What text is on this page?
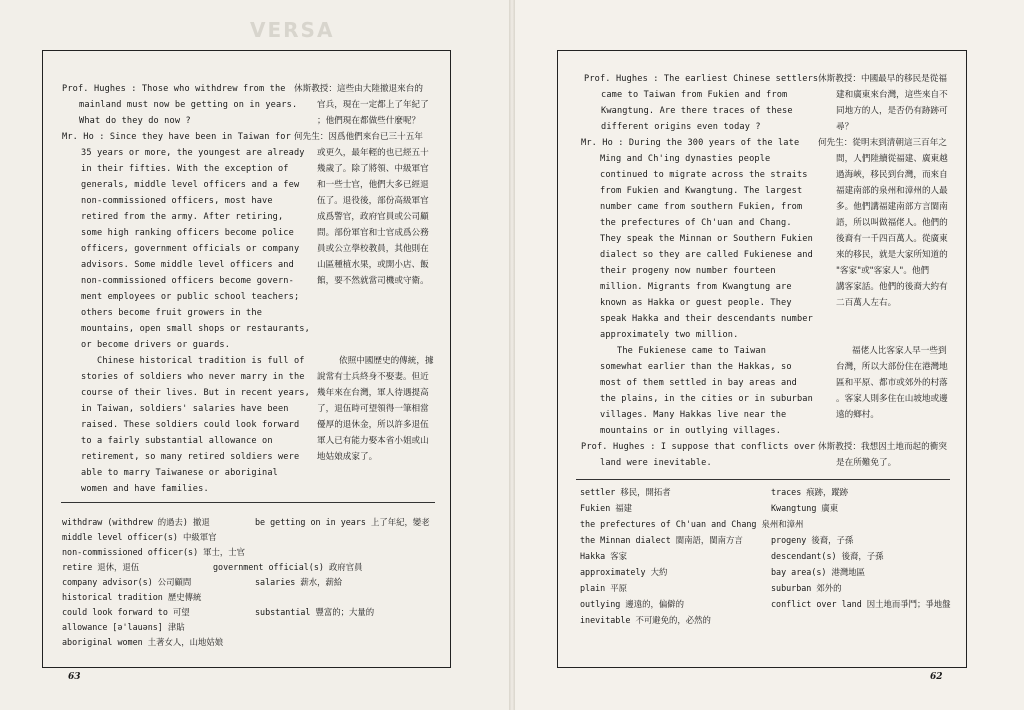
VERSA
Prof. Hughes : Those who withdrew from the
mainland must now be getting on in years.
What do they do now ?
Mr. Ho : Since they have been in Taiwan for
35 years or more, the youngest are already
in their fifties. With the exception of
generals, middle level officers and a few
non-commissioned officers, most have
retired from the army. After retiring,
some high ranking officers become police
officers, government officials or company
advisors. Some middle level officers and
non-commissioned officers become govern-
ment employees or public school teachers;
others become fruit growers in the
mountains, open small shops or restaurants,
or become drivers or guards.
Chinese historical tradition is full of
stories of soldiers who never marry in the
course of their lives. But in recent years,
in Taiwan, soldiers' salaries have been
raised. These soldiers could look forward
to a fairly substantial allowance on
retirement, so many retired soldiers were
able to marry Taiwanese or aboriginal
women and have families.
休斯教授：這些由大陸撤退來台的
官兵，現在一定都上了年紀了
；他們現在都做些什麼呢？
何先生：因爲他們來台已三十五年
或更久，最年輕的也已經五十
幾歲了。除了將領、中級軍官
和一些士官，他們大多已經退
伍了。退役後，部份高級軍官
成爲警官，政府官員或公司顧
問。部份軍官和士官成爲公務
員或公立學校教員，其他則在
山區種植水果，或開小店、飯
館，要不然就當司機或守衛。
依照中國歷史的傳統，據
說常有士兵終身不娶妻。但近
幾年來在台灣，軍人待遇提高
了，退伍時可望領得一筆相當
優厚的退休金，所以許多退伍
軍人已有能力娶本省小姐或山
地姑娘成家了。
withdraw (withdrew 的過去) 撤退	be getting on in years 上了年紀，變老
middle level officer(s) 中級軍官
non-commissioned officer(s) 軍士，士官
retire 退休，退伍	government official(s) 政府官員
company advisor(s) 公司顧問	salaries 薪水，薪給
historical tradition 歷史傳統
could look forward to 可望	substantial 豐富的；大量的
allowance [ə'lauəns] 津貼
aboriginal women 土著女人，山地姑娘
63
Prof. Hughes : The earliest Chinese settlers
came to Taiwan from Fukien and from
Kwangtung. Are there traces of these
different origins even today ?
Mr. Ho : During the 300 years of the late
Ming and Ch'ing dynasties people
continued to migrate across the straits
from Fukien and Kwangtung. The largest
number came from southern Fukien, from
the prefectures of Ch'uan and Chang.
They speak the Minnan or Southern Fukien
dialect so they are called Fukienese and
their progeny now number fourteen
million. Migrants from Kwangtung are
known as Hakka or guest people. They
speak Hakka and their descendants number
approximately two million.
The Fukienese came to Taiwan
somewhat earlier than the Hakkas, so
most of them settled in bay areas and
the plains, in the cities or in suburban
villages. Many Hakkas live near the
mountains or in outlying villages.
Prof. Hughes : I suppose that conflicts over
land were inevitable.
休斯教授：中國最早的移民是從福
建和廣東來台灣，這些來自不
同地方的人，是否仍有跡跡可
尋？
何先生：從明末到清朝這三百年之
間，人們陸續從福建、廣東越
過海峽，移民到台灣，而來自
福建南部的泉州和漳州的人最
多。他們講福建南部方言閩南
語，所以叫做福佬人。他們的
後裔有一千四百萬人。從廣東
來的移民，就是大家所知道的
"客家"或"客家人"。他們
講客家話。他們的後裔大約有
二百萬人左右。
福佬人比客家人早一些到
台灣，所以大部份住在港灣地
區和平原、都市或郊外的村落
。客家人則多住在山坡地或邊
遠的鄉村。
休斯教授：我想因土地而起的衝突
是在所難免了。
settler 移民，開拓者	traces 痕跡，蹤跡
Fukien 福建	Kwangtung 廣東
the prefectures of Ch'uan and Chang 泉州和漳州
the Minnan dialect 閩南語，閩南方言	progeny 後裔，子孫
Hakka 客家	descendant(s) 後裔，子孫
approximately 大約	bay area(s) 港灣地區
plain 平原	suburban 郊外的
outlying 邊遠的，偏僻的	conflict over land 因土地而爭鬥；爭地盤
inevitable 不可避免的，必然的
62
